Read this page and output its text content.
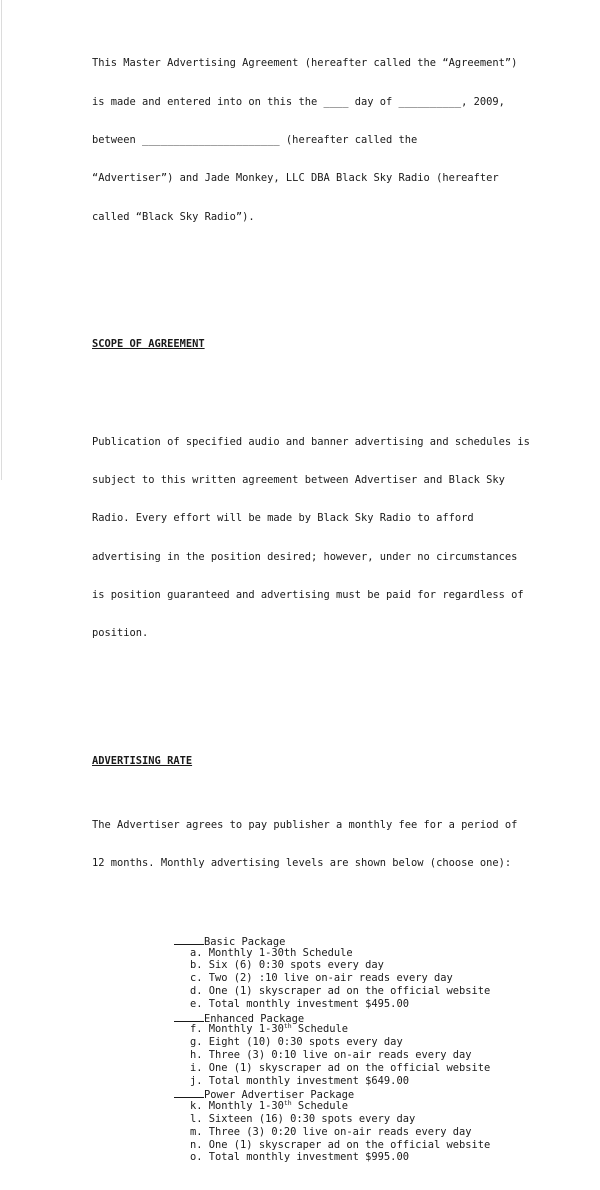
This Master Advertising Agreement (hereafter called the “Agreement”)

is made and entered into on this the ____ day of __________, 2009,

between ______________________ (hereafter called the

“Advertiser”) and Jade Monkey, LLC DBA Black Sky Radio (hereafter

called “Black Sky Radio”).

SCOPE OF AGREEMENT

Publication of specified audio and banner advertising and schedules is

subject to this written agreement between Advertiser and Black Sky

Radio. Every effort will be made by Black Sky Radio to afford

advertising in the position desired; however, under no circumstances

is position guaranteed and advertising must be paid for regardless of

position.

ADVERTISING RATE

The Advertiser agrees to pay publisher a monthly fee for a period of

12 months. Monthly advertising levels are shown below (choose one):

Basic Package
a. Monthly 1-30th Schedule
b. Six (6) 0:30 spots every day
c. Two (2) :10 live on-air reads every day
d. One (1) skyscraper ad on the official website
e. Total monthly investment $495.00
Enhanced Package
f. Monthly 1-30th Schedule
g. Eight (10) 0:30 spots every day
h. Three (3) 0:10 live on-air reads every day
i. One (1) skyscraper ad on the official website
j. Total monthly investment $649.00
Power Advertiser Package
k. Monthly 1-30th Schedule
l. Sixteen (16) 0:30 spots every day
m. Three (3) 0:20 live on-air reads every day
n. One (1) skyscraper ad on the official website
o. Total monthly investment $995.00
